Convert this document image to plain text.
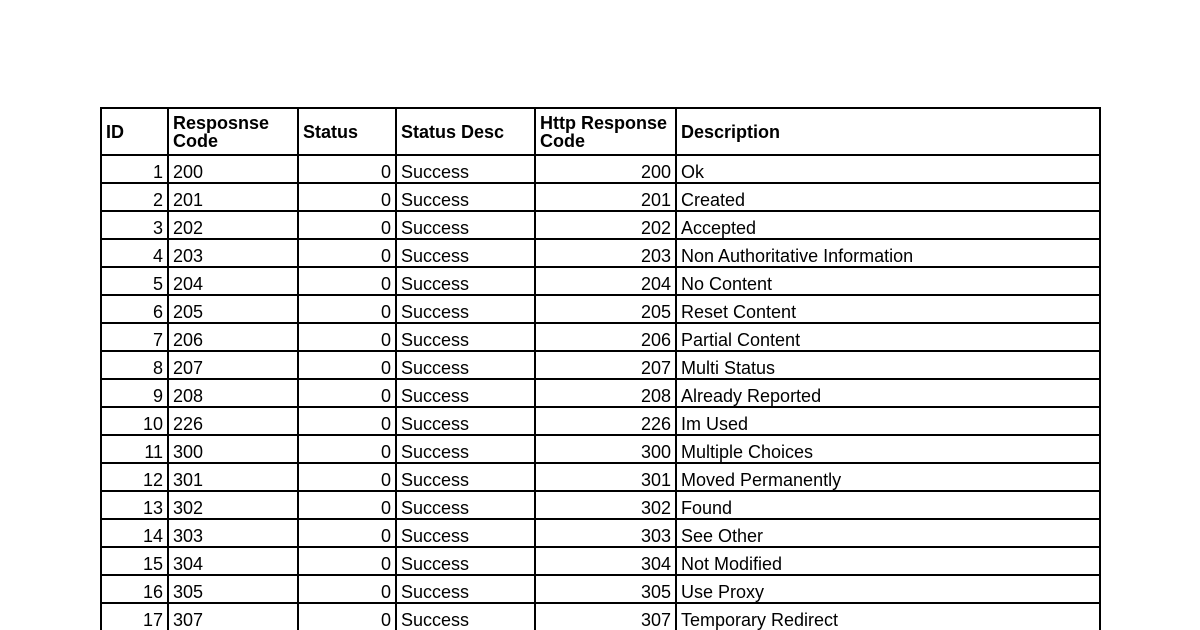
ID	Resposnse Code	Status	Status Desc	Http Response Code	Description
1	200	0	Success	200	Ok
2	201	0	Success	201	Created
3	202	0	Success	202	Accepted
4	203	0	Success	203	Non Authoritative Information
5	204	0	Success	204	No Content
6	205	0	Success	205	Reset Content
7	206	0	Success	206	Partial Content
8	207	0	Success	207	Multi Status
9	208	0	Success	208	Already Reported
10	226	0	Success	226	Im Used
11	300	0	Success	300	Multiple Choices
12	301	0	Success	301	Moved Permanently
13	302	0	Success	302	Found
14	303	0	Success	303	See Other
15	304	0	Success	304	Not Modified
16	305	0	Success	305	Use Proxy
17	307	0	Success	307	Temporary Redirect
